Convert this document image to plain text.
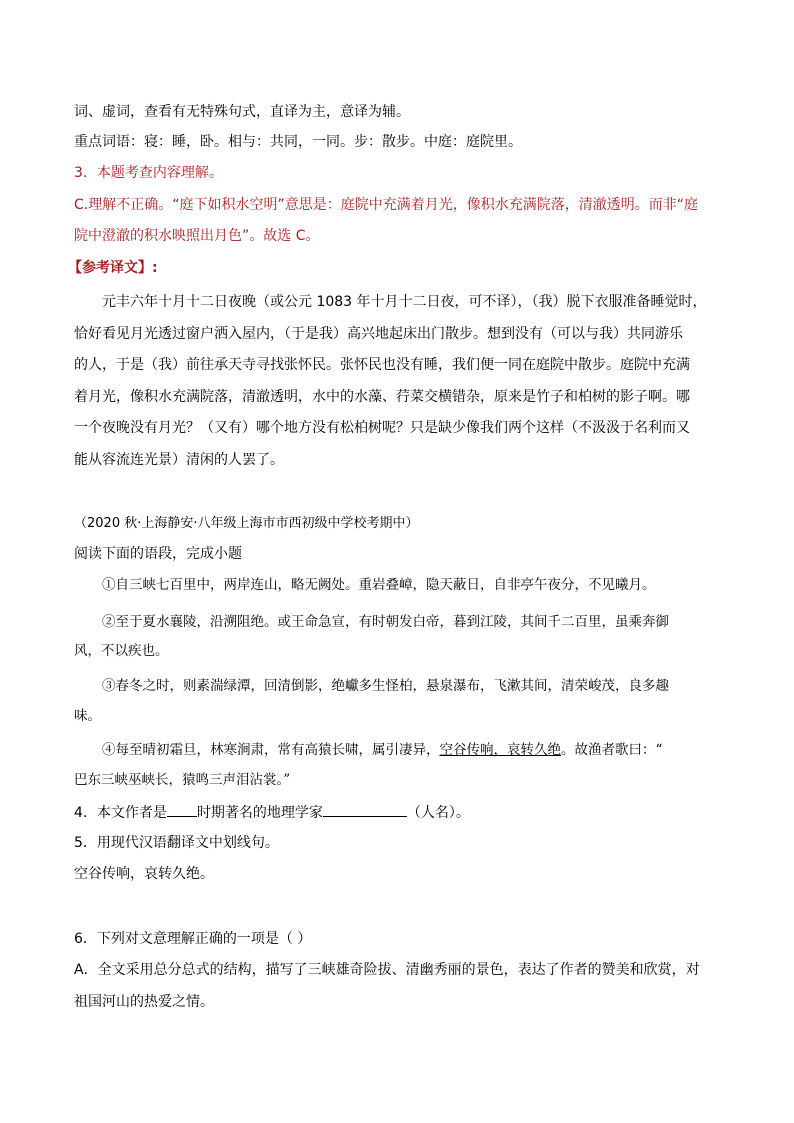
词、虚词，查看有无特殊句式，直译为主，意译为辅。
重点词语：寝：睡，卧。相与：共同，一同。步：散步。中庭：庭院里。
3．本题考查内容理解。
C.理解不正确。“庭下如积水空明”意思是：庭院中充满着月光，像积水充满院落，清澈透明。而非“庭
院中澄澈的积水映照出月色”。故选 C。
【参考译文】:
元丰六年十月十二日夜晚（或公元 1083 年十月十二日夜，可不译），（我）脱下衣服准备睡觉时，
恰好看见月光透过窗户洒入屋内，（于是我）高兴地起床出门散步。想到没有（可以与我）共同游乐
的人，于是（我）前往承天寺寻找张怀民。张怀民也没有睡，我们便一同在庭院中散步。庭院中充满
着月光，像积水充满院落，清澈透明，水中的水藻、荇菜交横错杂，原来是竹子和柏树的影子啊。哪
一个夜晚没有月光？（又有）哪个地方没有松柏树呢？只是缺少像我们两个这样（不汲汲于名利而又
能从容流连光景）清闲的人罢了。
（2020 秋·上海静安·八年级上海市市西初级中学校考期中）
阅读下面的语段，完成小题
①自三峡七百里中，两岸连山，略无阙处。重岩叠嶂，隐天蔽日，自非亭午夜分，不见曦月。
②至于夏水襄陵，沿溯阻绝。或王命急宣，有时朝发白帝，暮到江陵，其间千二百里，虽乘奔御
风，不以疾也。
③春冬之时，则素湍绿潭，回清倒影，绝巘多生怪柏，悬泉瀑布，飞漱其间，清荣峻茂，良多趣
味。
④每至晴初霜旦，林寒涧肃，常有高猿长啸，属引凄异，空谷传响，哀转久绝。故渔者歌曰：“
巴东三峡巫峡长，猿鸣三声泪沾裳。”
4．本文作者是 时期著名的地理学家	（人名）。
5．用现代汉语翻译文中划线句。
空谷传响，哀转久绝。
6．下列对文意理解正确的一项是（ ）
A．全文采用总分总式的结构，描写了三峡雄奇险拔、清幽秀丽的景色，表达了作者的赞美和欣赏，对
祖国河山的热爱之情。
